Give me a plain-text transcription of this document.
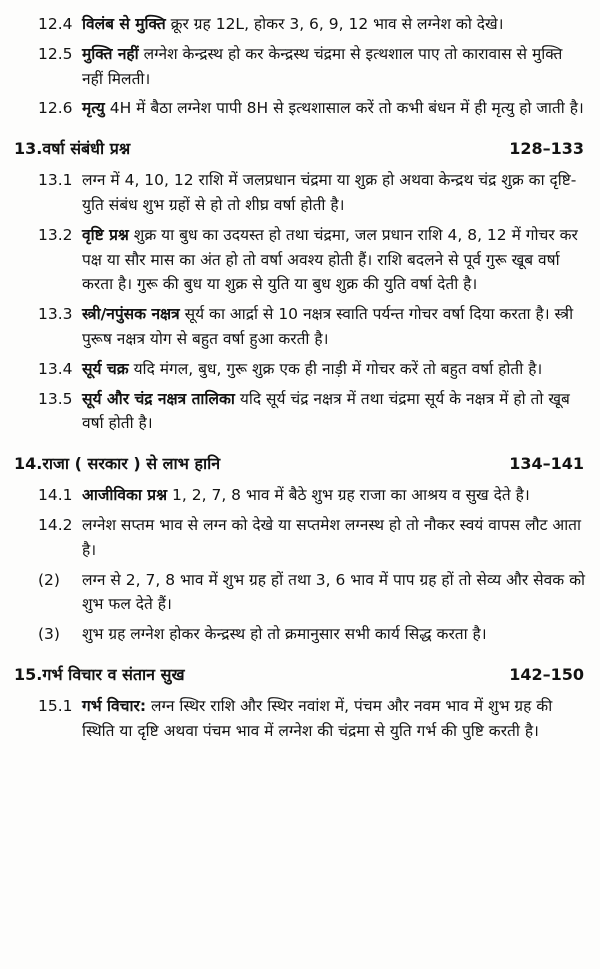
12.4 विलंब से मुक्ति क्रूर ग्रह 12L, होकर 3, 6, 9, 12 भाव से लग्नेश को देखे।
12.5 मुक्ति नहीं लग्नेश केन्द्रस्थ हो कर केन्द्रस्थ चंद्रमा से इत्थशाल पाए तो कारावास से मुक्ति नहीं मिलती।
12.6 मृत्यु 4H में बैठा लग्नेश पापी 8H से इत्थशासाल करें तो कभी बंधन में ही मृत्यु हो जाती है।
13. वर्षा संबंधी प्रश्न	128–133
13.1 लग्न में 4, 10, 12 राशि में जलप्रधान चंद्रमा या शुक्र हो अथवा केन्द्रथ चंद्र शुक्र का दृष्टि-युति संबंध शुभ ग्रहों से हो तो शीघ्र वर्षा होती है।
13.2 वृष्टि प्रश्न शुक्र या बुध का उदयस्त हो तथा चंद्रमा, जल प्रधान राशि 4, 8, 12 में गोचर कर पक्ष या सौर मास का अंत हो तो वर्षा अवश्य होती हैं। राशि बदलने से पूर्व गुरू खूब वर्षा करता है। गुरू की बुध या शुक्र से युति या बुध शुक्र की युति वर्षा देती है।
13.3 स्त्री/नपुंसक नक्षत्र सूर्य का आर्द्रा से 10 नक्षत्र स्वाति पर्यन्त गोचर वर्षा दिया करता है। स्त्री पुरूष नक्षत्र योग से बहुत वर्षा हुआ करती है।
13.4 सूर्य चक्र यदि मंगल, बुध, गुरू शुक्र एक ही नाड़ी में गोचर करें तो बहुत वर्षा होती है।
13.5 सूर्य और चंद्र नक्षत्र तालिका यदि सूर्य चंद्र नक्षत्र में तथा चंद्रमा सूर्य के नक्षत्र में हो तो खूब वर्षा होती है।
14. राजा ( सरकार ) से लाभ हानि	134–141
14.1 आजीविका प्रश्न 1, 2, 7, 8 भाव में बैठे शुभ ग्रह राजा का आश्रय व सुख देते है।
14.2 लग्नेश सप्तम भाव से लग्न को देखे या सप्तमेश लग्नस्थ हो तो नौकर स्वयं वापस लौट आता है।
(2)	लग्न से 2, 7, 8 भाव में शुभ ग्रह हों तथा 3, 6 भाव में पाप ग्रह हों तो सेव्य और सेवक को शुभ फल देते हैं।
(3)	शुभ ग्रह लग्नेश होकर केन्द्रस्थ हो तो क्रमानुसार सभी कार्य सिद्ध करता है।
15. गर्भ विचार व संतान सुख	142–150
15.1 गर्भ विचार: लग्न स्थिर राशि और स्थिर नवांश में, पंचम और नवम भाव में शुभ ग्रह की स्थिति या दृष्टि अथवा पंचम भाव में लग्नेश की चंद्रमा से युति गर्भ की पुष्टि करती है।
